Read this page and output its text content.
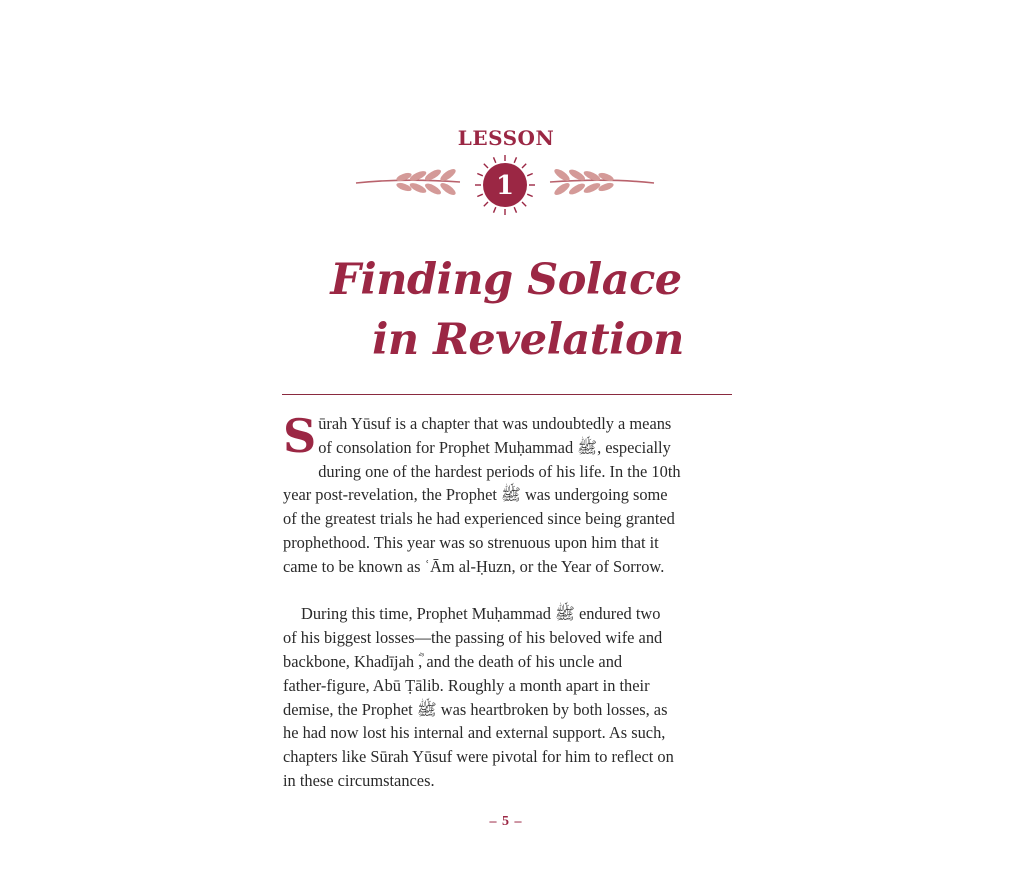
LESSON
1
Finding Solace
in Revelation
S ūrah Yūsuf is a chapter that was undoubtedly a means
of consolation for Prophet Muḥammad ﷺ, especially
during one of the hardest periods of his life. In the 10th
year post-revelation, the Prophet ﷺ was undergoing some
of the greatest trials he had experienced since being granted
prophethood. This year was so strenuous upon him that it
came to be known as ʿĀm al-Ḥuzn, or the Year of Sorrow.
During this time, Prophet Muḥammad ﷺ endured two
of his biggest losses—the passing of his beloved wife and
backbone, Khadījah ؓ, and the death of his uncle and
father-figure, Abū Ṭālib. Roughly a month apart in their
demise, the Prophet ﷺ was heartbroken by both losses, as
he had now lost his internal and external support. As such,
chapters like Sūrah Yūsuf were pivotal for him to reflect on
in these circumstances.
– 5 –
